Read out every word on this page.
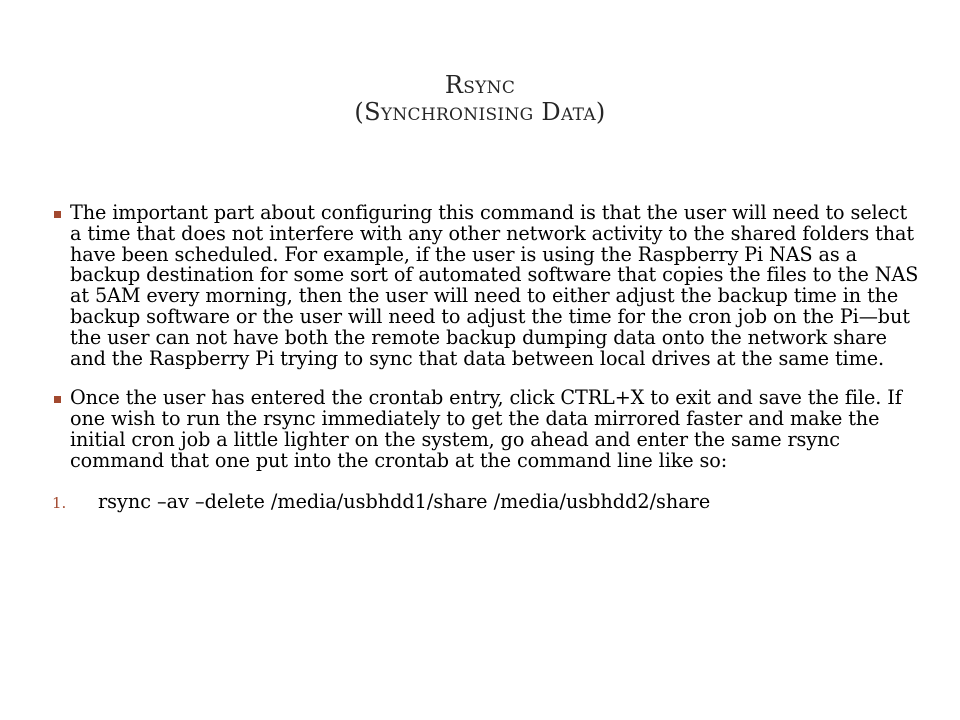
Rsync
(Synchronising Data)
The important part about configuring this command is that the user will need to select a time that does not interfere with any other network activity to the shared folders that have been scheduled. For example, if the user is using the Raspberry Pi NAS as a backup destination for some sort of automated software that copies the files to the NAS at 5AM every morning, then the user will need to either adjust the backup time in the backup software or the user will need to adjust the time for the cron job on the Pi—but the user can not have both the remote backup dumping data onto the network share and the Raspberry Pi trying to sync that data between local drives at the same time.
Once the user has entered the crontab entry, click CTRL+X to exit and save the file. If one wish to run the rsync immediately to get the data mirrored faster and make the initial cron job a little lighter on the system, go ahead and enter the same rsync command that one put into the crontab at the command line like so:
1. rsync –av –delete /media/usbhdd1/share /media/usbhdd2/share
